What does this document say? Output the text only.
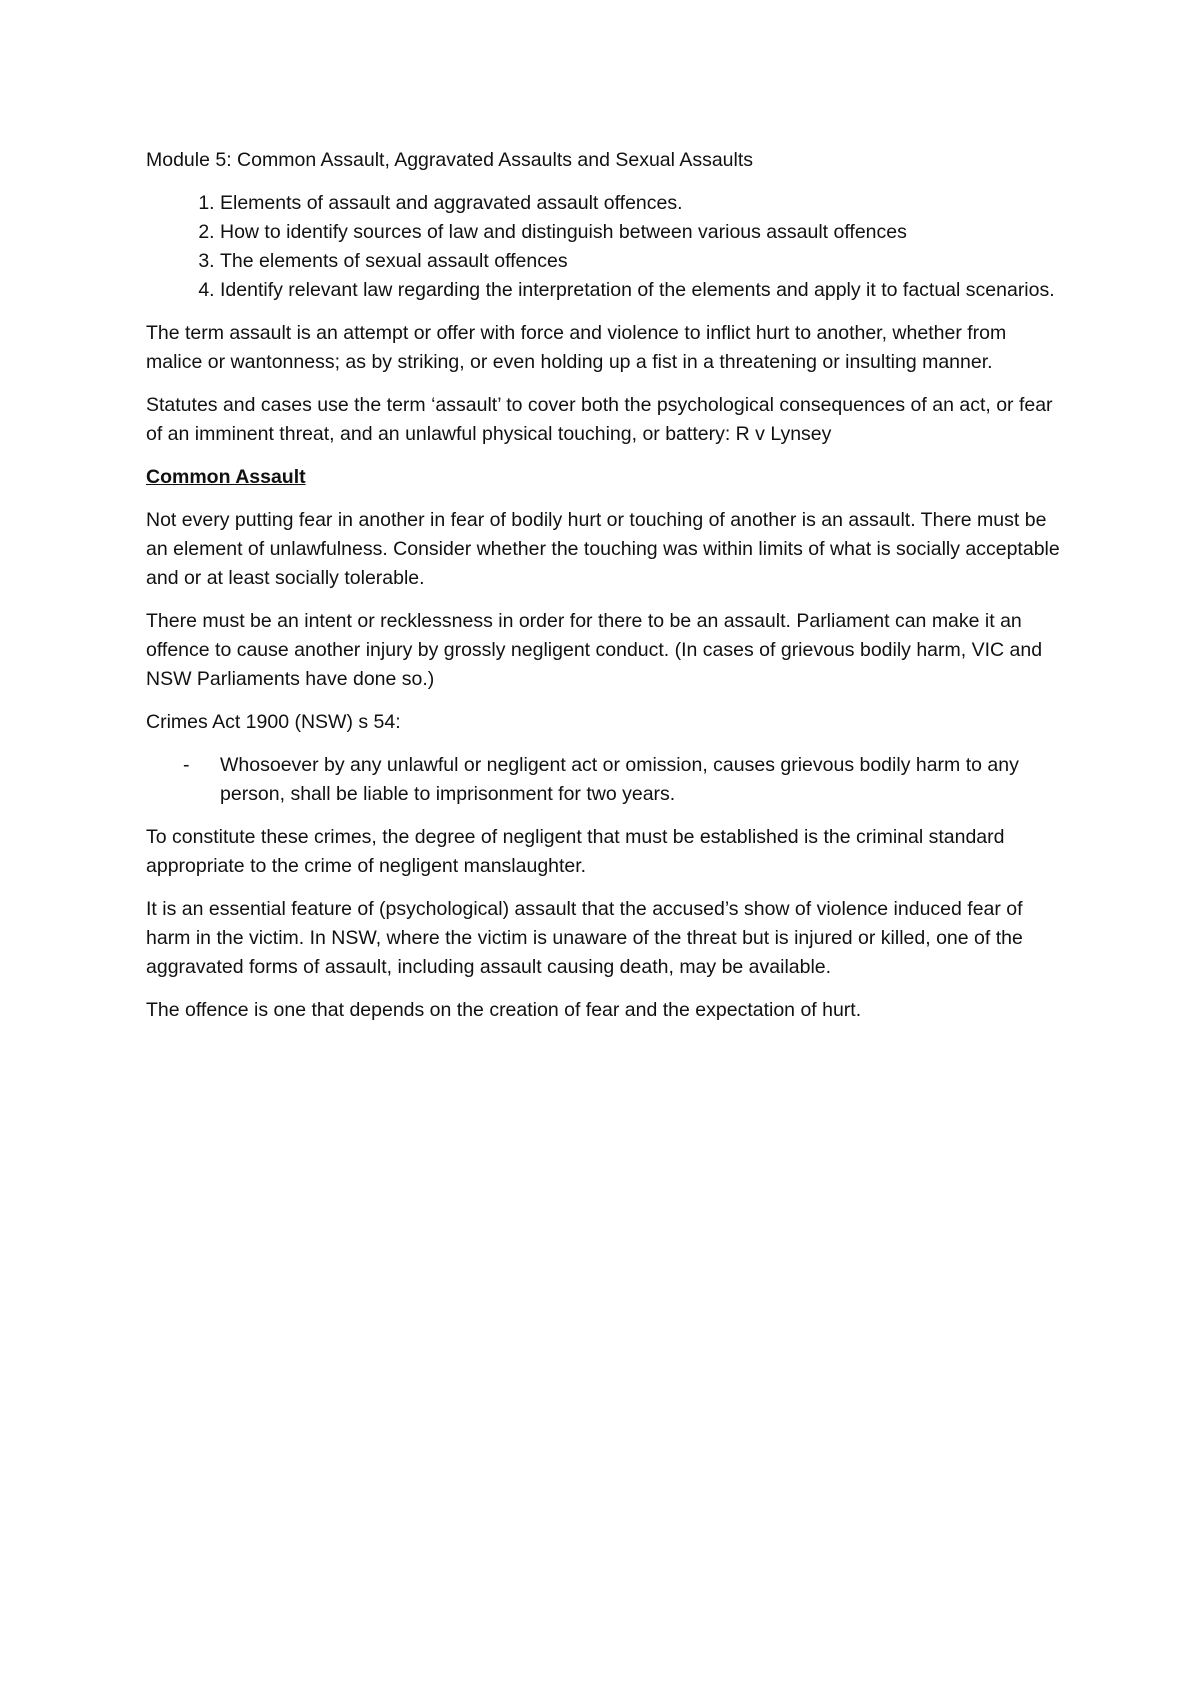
Module 5: Common Assault, Aggravated Assaults and Sexual Assaults

1. Elements of assault and aggravated assault offences.
2. How to identify sources of law and distinguish between various assault offences
3. The elements of sexual assault offences
4. Identify relevant law regarding the interpretation of the elements and apply it to factual scenarios.

The term assault is an attempt or offer with force and violence to inflict hurt to another, whether from malice or wantonness; as by striking, or even holding up a fist in a threatening or insulting manner.

Statutes and cases use the term ‘assault’ to cover both the psychological consequences of an act, or fear of an imminent threat, and an unlawful physical touching, or battery: R v Lynsey

Common Assault

Not every putting fear in another in fear of bodily hurt or touching of another is an assault. There must be an element of unlawfulness. Consider whether the touching was within limits of what is socially acceptable and or at least socially tolerable.

There must be an intent or recklessness in order for there to be an assault. Parliament can make it an offence to cause another injury by grossly negligent conduct. (In cases of grievous bodily harm, VIC and NSW Parliaments have done so.)

Crimes Act 1900 (NSW) s 54:

- Whosoever by any unlawful or negligent act or omission, causes grievous bodily harm to any person, shall be liable to imprisonment for two years.

To constitute these crimes, the degree of negligent that must be established is the criminal standard appropriate to the crime of negligent manslaughter.

It is an essential feature of (psychological) assault that the accused’s show of violence induced fear of harm in the victim. In NSW, where the victim is unaware of the threat but is injured or killed, one of the aggravated forms of assault, including assault causing death, may be available.

The offence is one that depends on the creation of fear and the expectation of hurt.
